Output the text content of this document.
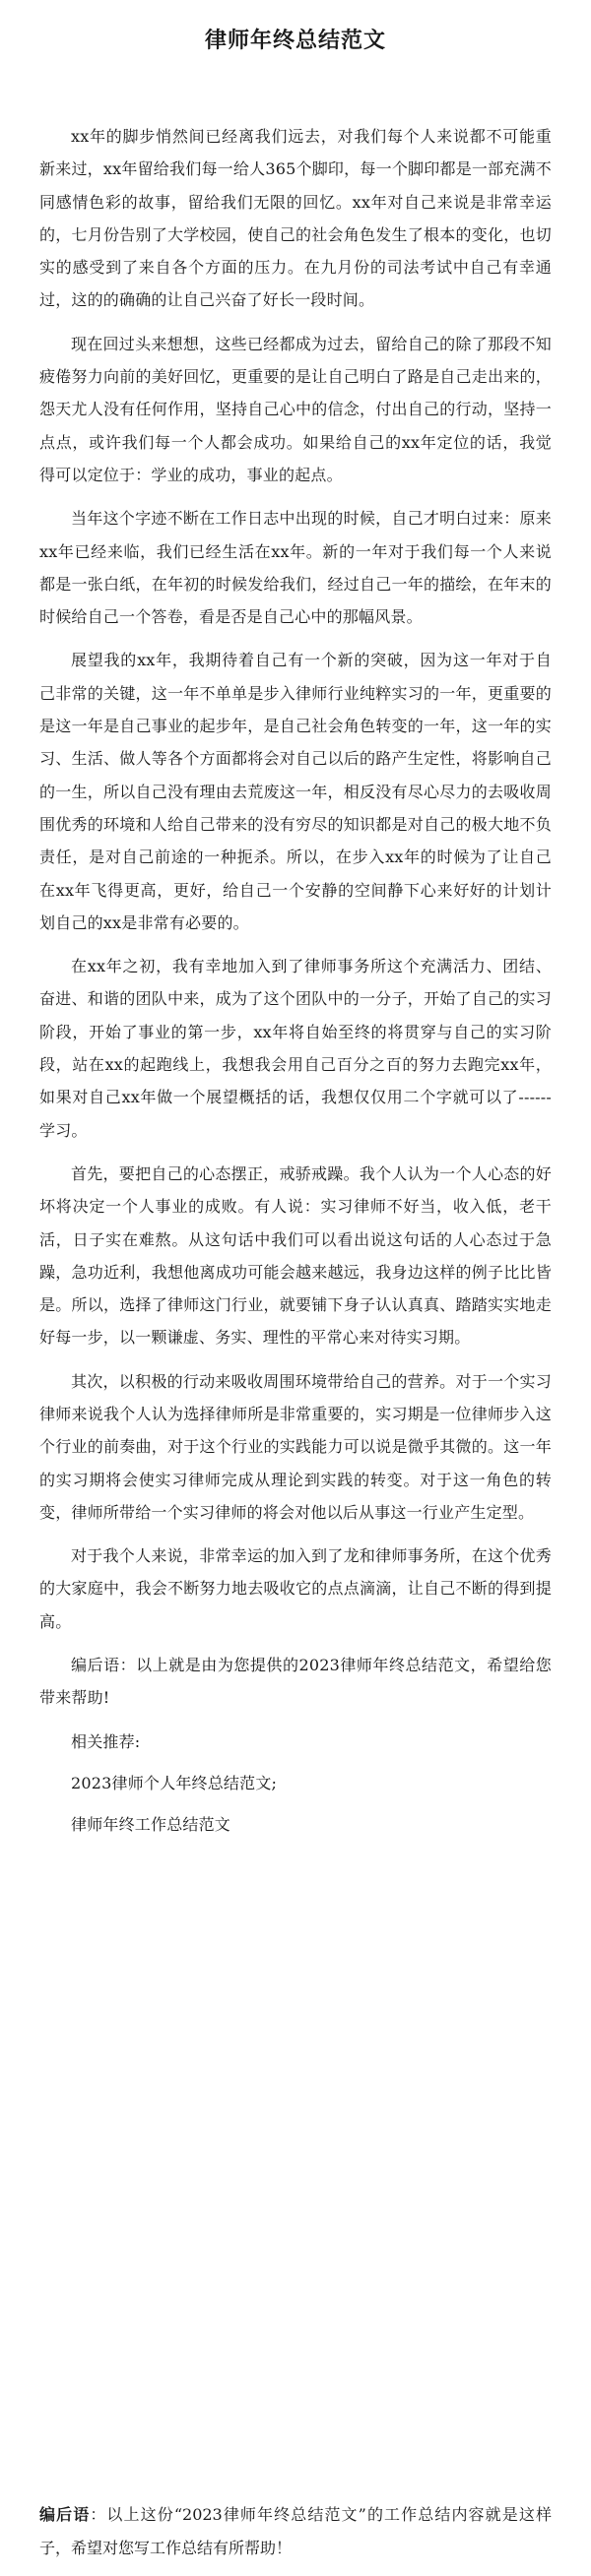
律师年终总结范文

xx年的脚步悄然间已经离我们远去，对我们每个人来说都不可能重新来过，xx年留给我们每一给人365个脚印，每一个脚印都是一部充满不同感情色彩的故事，留给我们无限的回忆。xx年对自己来说是非常幸运的，七月份告别了大学校园，使自己的社会角色发生了根本的变化，也切实的感受到了来自各个方面的压力。在九月份的司法考试中自己有幸通过，这的的确确的让自己兴奋了好长一段时间。

现在回过头来想想，这些已经都成为过去，留给自己的除了那段不知疲倦努力向前的美好回忆，更重要的是让自己明白了路是自己走出来的，怨天尤人没有任何作用，坚持自己心中的信念，付出自己的行动，坚持一点点，或许我们每一个人都会成功。如果给自己的xx年定位的话，我觉得可以定位于：学业的成功，事业的起点。

当年这个字迹不断在工作日志中出现的时候，自己才明白过来：原来xx年已经来临，我们已经生活在xx年。新的一年对于我们每一个人来说都是一张白纸，在年初的时候发给我们，经过自己一年的描绘，在年末的时候给自己一个答卷，看是否是自己心中的那幅风景。

展望我的xx年，我期待着自己有一个新的突破，因为这一年对于自己非常的关键，这一年不单单是步入律师行业纯粹实习的一年，更重要的是这一年是自己事业的起步年，是自己社会角色转变的一年，这一年的实习、生活、做人等各个方面都将会对自己以后的路产生定性，将影响自己的一生，所以自己没有理由去荒废这一年，相反没有尽心尽力的去吸收周围优秀的环境和人给自己带来的没有穷尽的知识都是对自己的极大地不负责任，是对自己前途的一种扼杀。所以，在步入xx年的时候为了让自己在xx年飞得更高，更好，给自己一个安静的空间静下心来好好的计划计划自己的xx是非常有必要的。

在xx年之初，我有幸地加入到了律师事务所这个充满活力、团结、奋进、和谐的团队中来，成为了这个团队中的一分子，开始了自己的实习阶段，开始了事业的第一步，xx年将自始至终的将贯穿与自己的实习阶段，站在xx的起跑线上，我想我会用自己百分之百的努力去跑完xx年，如果对自己xx年做一个展望概括的话，我想仅仅用二个字就可以了------学习。

首先，要把自己的心态摆正，戒骄戒躁。我个人认为一个人心态的好坏将决定一个人事业的成败。有人说：实习律师不好当，收入低，老干活，日子实在难熬。从这句话中我们可以看出说这句话的人心态过于急躁，急功近利，我想他离成功可能会越来越远，我身边这样的例子比比皆是。所以，选择了律师这门行业，就要铺下身子认认真真、踏踏实实地走好每一步，以一颗谦虚、务实、理性的平常心来对待实习期。

其次，以积极的行动来吸收周围环境带给自己的营养。对于一个实习律师来说我个人认为选择律师所是非常重要的，实习期是一位律师步入这个行业的前奏曲，对于这个行业的实践能力可以说是微乎其微的。这一年的实习期将会使实习律师完成从理论到实践的转变。对于这一角色的转变，律师所带给一个实习律师的将会对他以后从事这一行业产生定型。

对于我个人来说，非常幸运的加入到了龙和律师事务所，在这个优秀的大家庭中，我会不断努力地去吸收它的点点滴滴，让自己不断的得到提高。

编后语：以上就是由为您提供的2023律师年终总结范文，希望给您带来帮助!

相关推荐:

2023律师个人年终总结范文;

律师年终工作总结范文

编后语：以上这份“2023律师年终总结范文”的工作总结内容就是这样子，希望对您写工作总结有所帮助！
